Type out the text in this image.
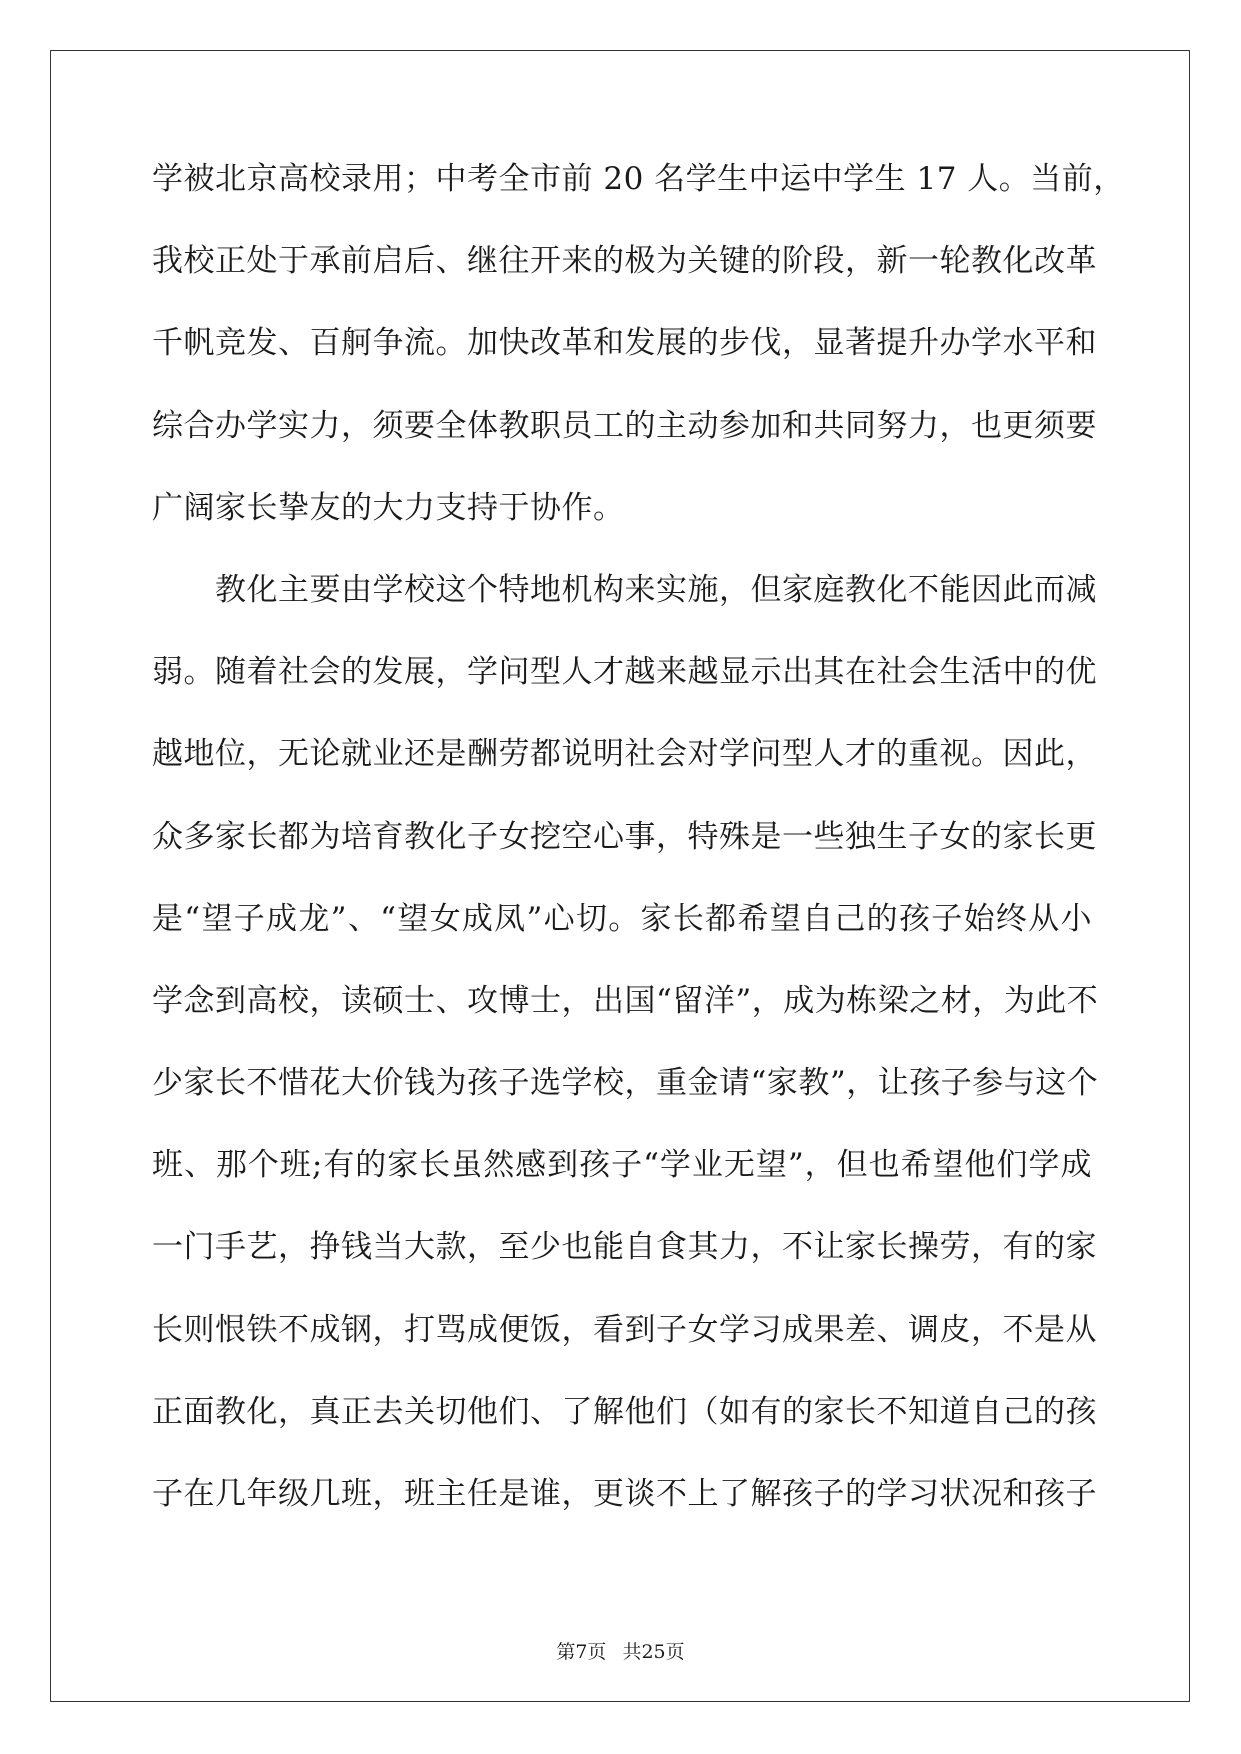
学被北京高校录用；中考全市前 20 名学生中运中学生 17 人。当前，
我校正处于承前启后、继往开来的极为关键的阶段，新一轮教化改革
千帆竞发、百舸争流。加快改革和发展的步伐，显著提升办学水平和
综合办学实力，须要全体教职员工的主动参加和共同努力，也更须要
广阔家长挚友的大力支持于协作。
　　教化主要由学校这个特地机构来实施，但家庭教化不能因此而减
弱。随着社会的发展，学问型人才越来越显示出其在社会生活中的优
越地位，无论就业还是酬劳都说明社会对学问型人才的重视。因此，
众多家长都为培育教化子女挖空心事，特殊是一些独生子女的家长更
是“望子成龙”、“望女成凤”心切。家长都希望自己的孩子始终从小
学念到高校，读硕士、攻博士，出国“留洋”，成为栋梁之材，为此不
少家长不惜花大价钱为孩子选学校，重金请“家教”，让孩子参与这个
班、那个班;有的家长虽然感到孩子“学业无望”，但也希望他们学成
一门手艺，挣钱当大款，至少也能自食其力，不让家长操劳，有的家
长则恨铁不成钢，打骂成便饭，看到子女学习成果差、调皮，不是从
正面教化，真正去关切他们、了解他们（如有的家长不知道自己的孩
子在几年级几班，班主任是谁，更谈不上了解孩子的学习状况和孩子
第7页 共25页
